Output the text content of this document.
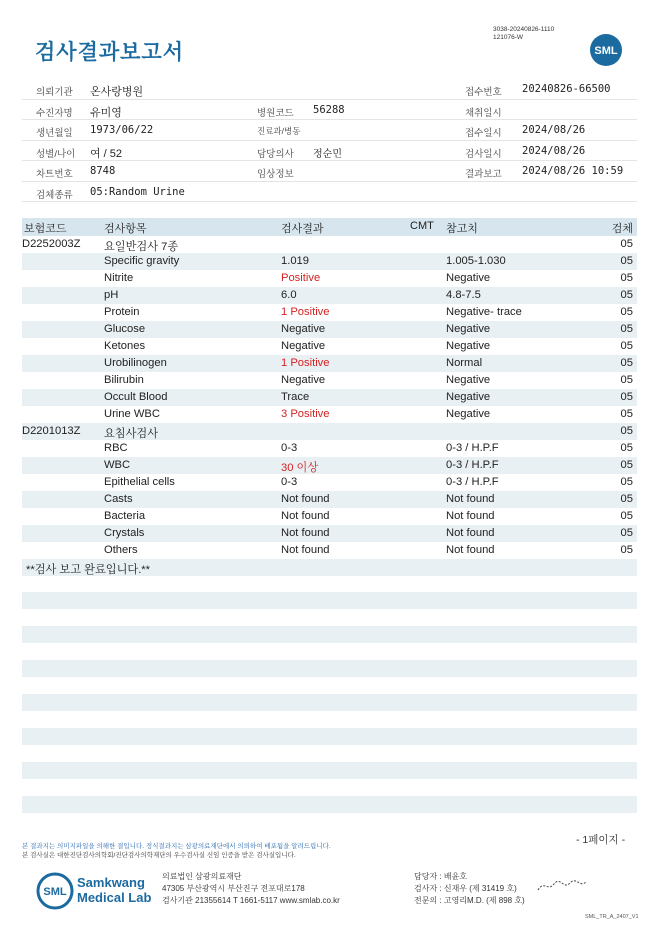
검사결과보고서
3038-20240826-1110
121076-W
SML
의뢰기관 온사랑병원	접수번호 20240826-66500
수진자명 유미영	병원코드 56288	채취일시
생년월일 1973/06/22	진료과/병동	접수일시 2024/08/26
성별/나이 여 / 52	담당의사 정순민	검사일시 2024/08/26
차트번호 8748	임상정보	결과보고 2024/08/26 10:59
검체종류 05:Random Urine
보험코드	검사항목	검사결과	CMT 참고치	검체
D2252003Z 요일반검사 7종	05
Specific gravity	1.019	1.005-1.030	05
Nitrite	Positive	Negative	05
pH	6.0	4.8-7.5	05
Protein	1 Positive	Negative- trace	05
Glucose	Negative	Negative	05
Ketones	Negative	Negative	05
Urobilinogen	1 Positive	Normal	05
Bilirubin	Negative	Negative	05
Occult Blood	Trace	Negative	05
Urine WBC	3 Positive	Negative	05
D2201013Z 요침사검사	05
RBC	0-3	0-3 / H.P.F	05
WBC	30 이상	0-3 / H.P.F	05
Epithelial cells	0-3	0-3 / H.P.F	05
Casts	Not found	Not found	05
Bacteria	Not found	Not found	05
Crystals	Not found	Not found	05
Others	Not found	Not found	05
**검사 보고 완료입니다.**
- 1페이지 -
본 결과지는 의미지파일을 의해한 결입니다. 정식결과지는 삼광의료재단에서 의뢰하여 배포됨을 알려드립니다.
본 검사실은 대한진단검사의학회/진단검사의학재단의 우수검사실 신임 인증을 받은 검사실입니다.
SML
Samkwang
Medical Lab
의료법인 삼광의료재단
47305 부산광역시 부산진구 전포대로178
검사기관 21355614 T 1661-5117 www.smlab.co.kr
담당자 : 배윤호
검사자 : 신재우 (제 31419 호)
전문의 : 고영리M.D. (제 898 호)
SML_TR_A_2407_V1
